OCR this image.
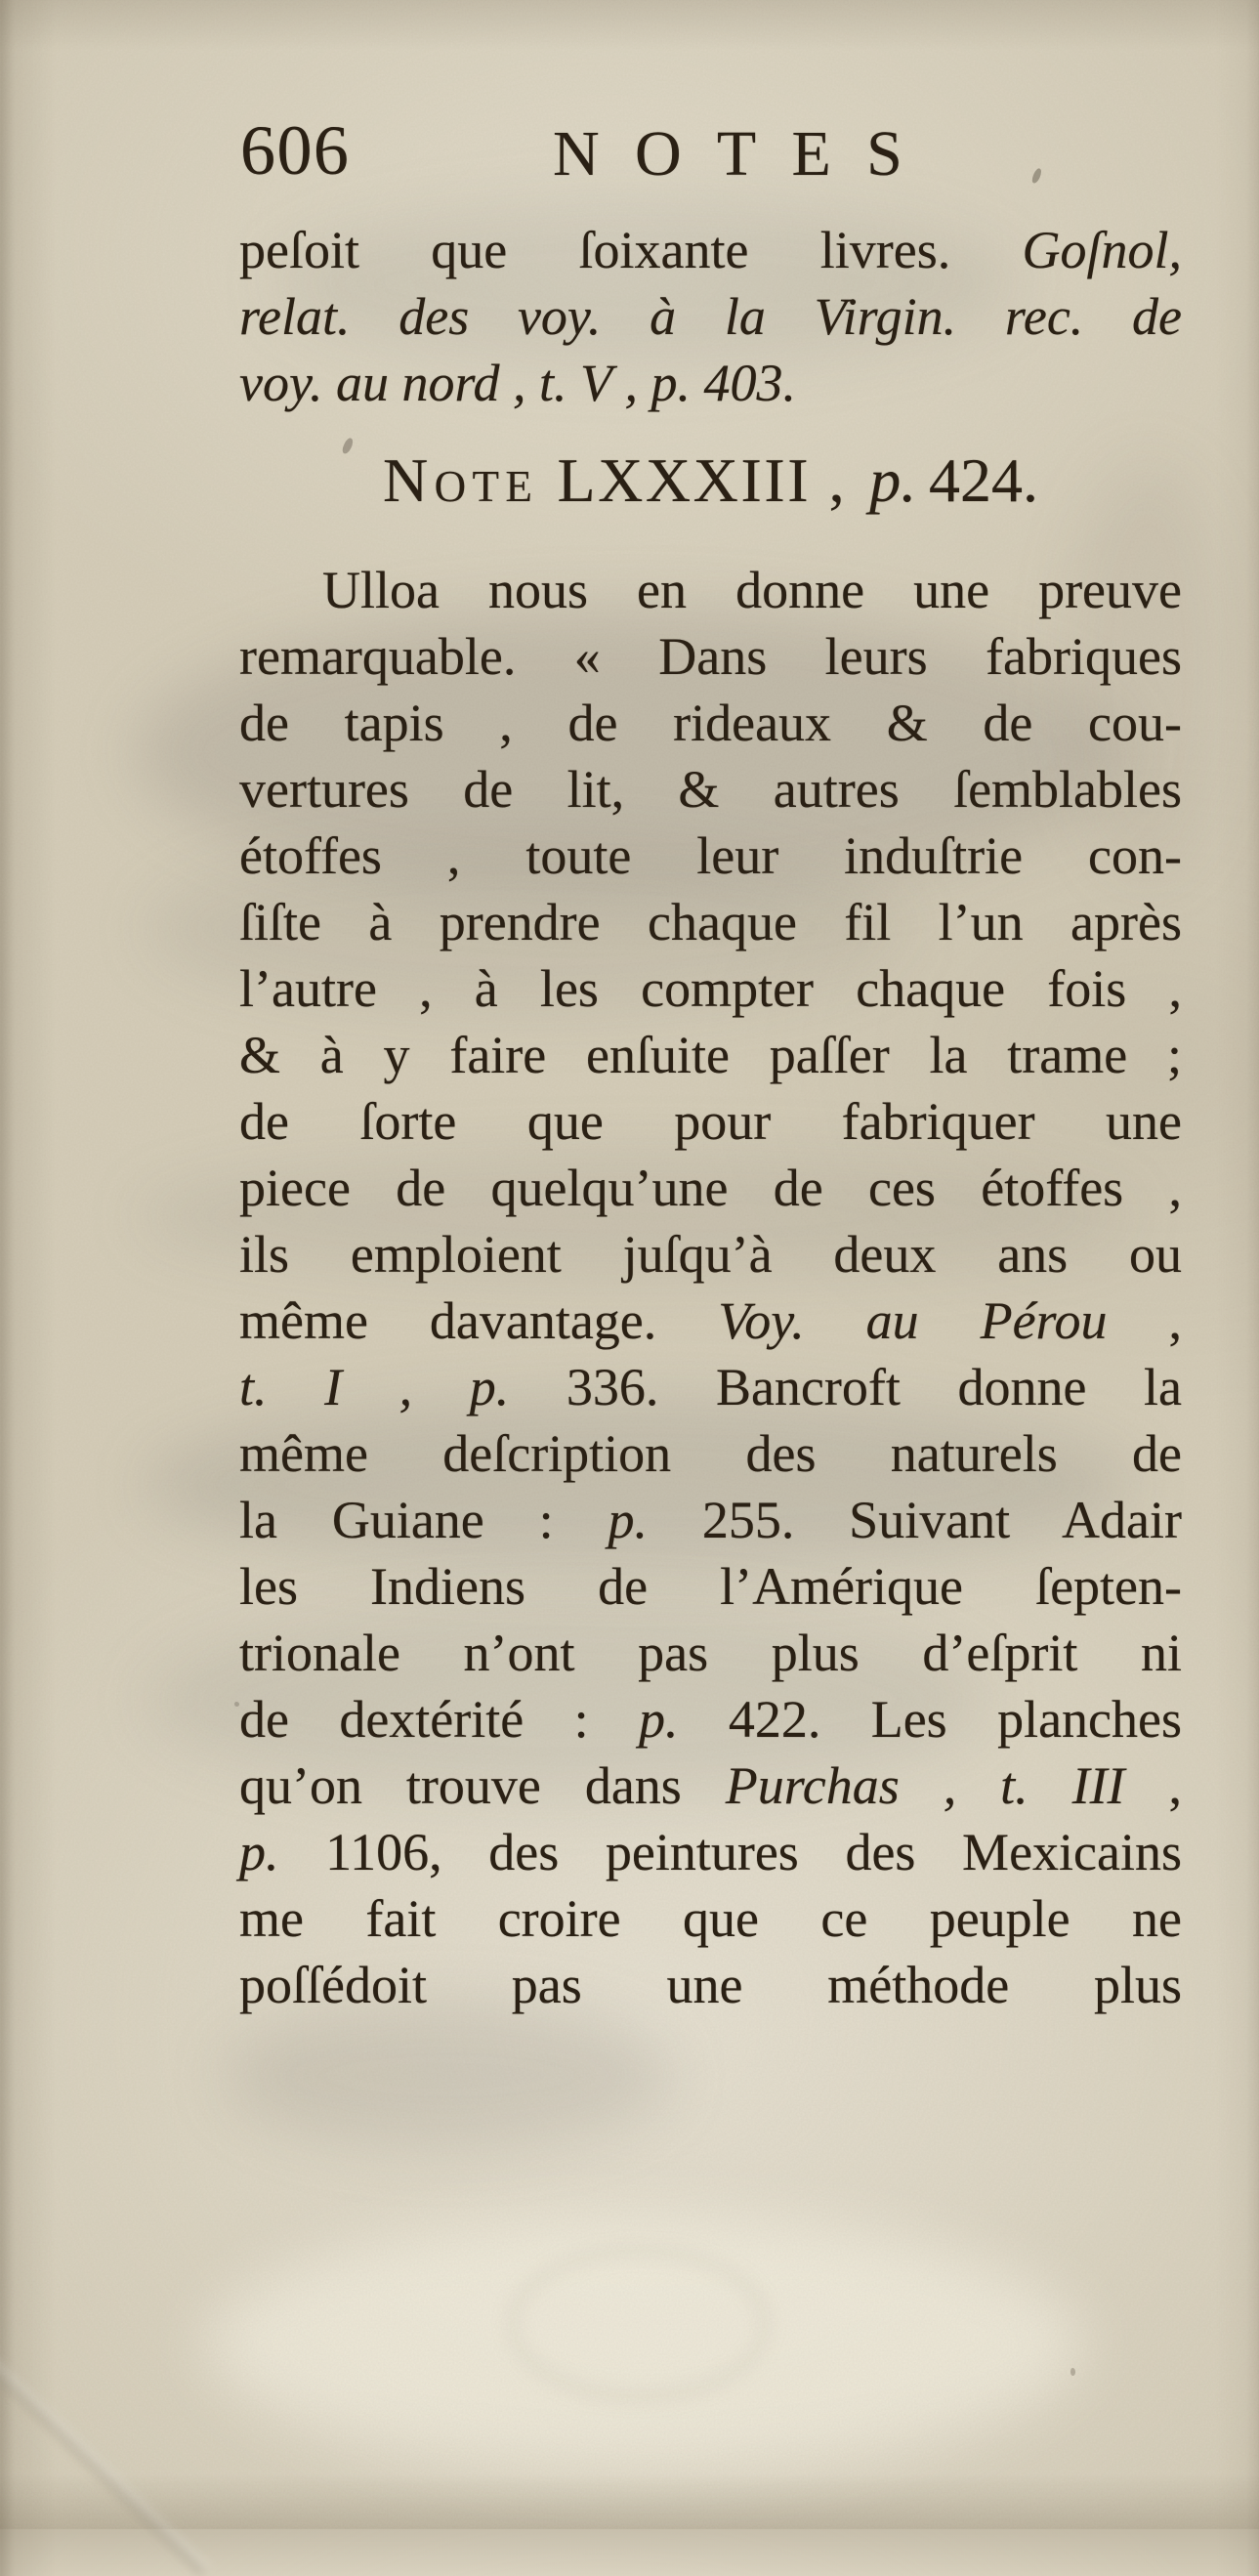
606	NOTES
peſoit que ſoixante livres. Goſnol,
relat. des voy. à la Virgin. rec. de
voy. au nord , t. V , p. 403.
Note LXXXIII , p. 424.
Ulloa nous en donne une preuve
remarquable. « Dans leurs fabriques
de tapis , de rideaux & de cou-
vertures de lit, & autres ſemblables
étoffes , toute leur induſtrie con-
ſiſte à prendre chaque fil l’un après
l’autre , à les compter chaque fois ,
& à y faire enſuite paſſer la trame ;
de ſorte que pour fabriquer une
piece de quelqu’une de ces étoffes ,
ils emploient juſqu’à deux ans ou
même davantage. Voy. au Pérou ,
t. I , p. 336. Bancroft donne la
même deſcription des naturels de
la Guiane : p. 255. Suivant Adair
les Indiens de l’Amérique ſepten-
trionale n’ont pas plus d’eſprit ni
de dextérité : p. 422. Les planches
qu’on trouve dans Purchas , t. III ,
p. 1106, des peintures des Mexicains
me fait croire que ce peuple ne
poſſédoit pas une méthode plus
